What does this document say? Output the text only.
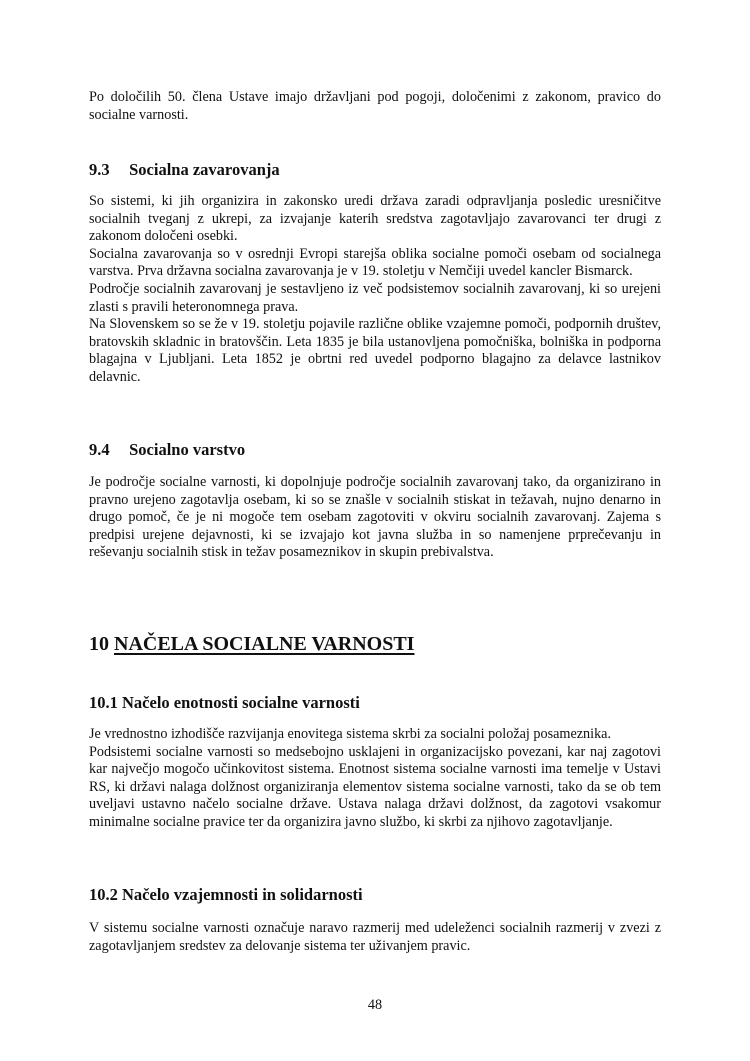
Po določilih 50. člena Ustave imajo državljani pod pogoji, določenimi z zakonom, pravico do socialne varnosti.

9.3 Socialna zavarovanja

So sistemi, ki jih organizira in zakonsko uredi država zaradi odpravljanja posledic uresničitve socialnih tveganj z ukrepi, za izvajanje katerih sredstva zagotavljajo zavarovanci ter drugi z zakonom določeni osebki.

Socialna zavarovanja so v osrednji Evropi starejša oblika socialne pomoči osebam od socialnega varstva. Prva državna socialna zavarovanja je v 19. stoletju v Nemčiji uvedel kancler Bismarck.

Področje socialnih zavarovanj je sestavljeno iz več podsistemov socialnih zavarovanj, ki so urejeni zlasti s pravili heteronomnega prava.

Na Slovenskem so se že v 19. stoletju pojavile različne oblike vzajemne pomoči, podpornih društev, bratovskih skladnic in bratovščin. Leta 1835 je bila ustanovljena pomočniška, bolniška in podporna blagajna v Ljubljani. Leta 1852 je obrtni red uvedel podporno blagajno za delavce lastnikov delavnic.

9.4 Socialno varstvo

Je področje socialne varnosti, ki dopolnjuje področje socialnih zavarovanj tako, da organizirano in pravno urejeno zagotavlja osebam, ki so se znašle v socialnih stiskat in težavah, nujno denarno in drugo pomoč, če je ni mogoče tem osebam zagotoviti v okviru socialnih zavarovanj. Zajema s predpisi urejene dejavnosti, ki se izvajajo kot javna služba in so namenjene prprečevanju in reševanju socialnih stisk in težav posameznikov in skupin prebivalstva.

10 NAČELA SOCIALNE VARNOSTI
10.1 Načelo enotnosti socialne varnosti

Je vrednostno izhodišče razvijanja enovitega sistema skrbi za socialni položaj posameznika.

Podsistemi socialne varnosti so medsebojno usklajeni in organizacijsko povezani, kar naj zagotovi kar največjo mogočo učinkovitost sistema. Enotnost sistema socialne varnosti ima temelje v Ustavi RS, ki državi nalaga dolžnost organiziranja elementov sistema socialne varnosti, tako da se ob tem uveljavi ustavno načelo socialne države. Ustava nalaga državi dolžnost, da zagotovi vsakomur minimalne socialne pravice ter da organizira javno službo, ki skrbi za njihovo zagotavljanje.

10.2 Načelo vzajemnosti in solidarnosti

V sistemu socialne varnosti označuje naravo razmerij med udeleženci socialnih razmerij v zvezi z zagotavljanjem sredstev za delovanje sistema ter uživanjem pravic.

48
